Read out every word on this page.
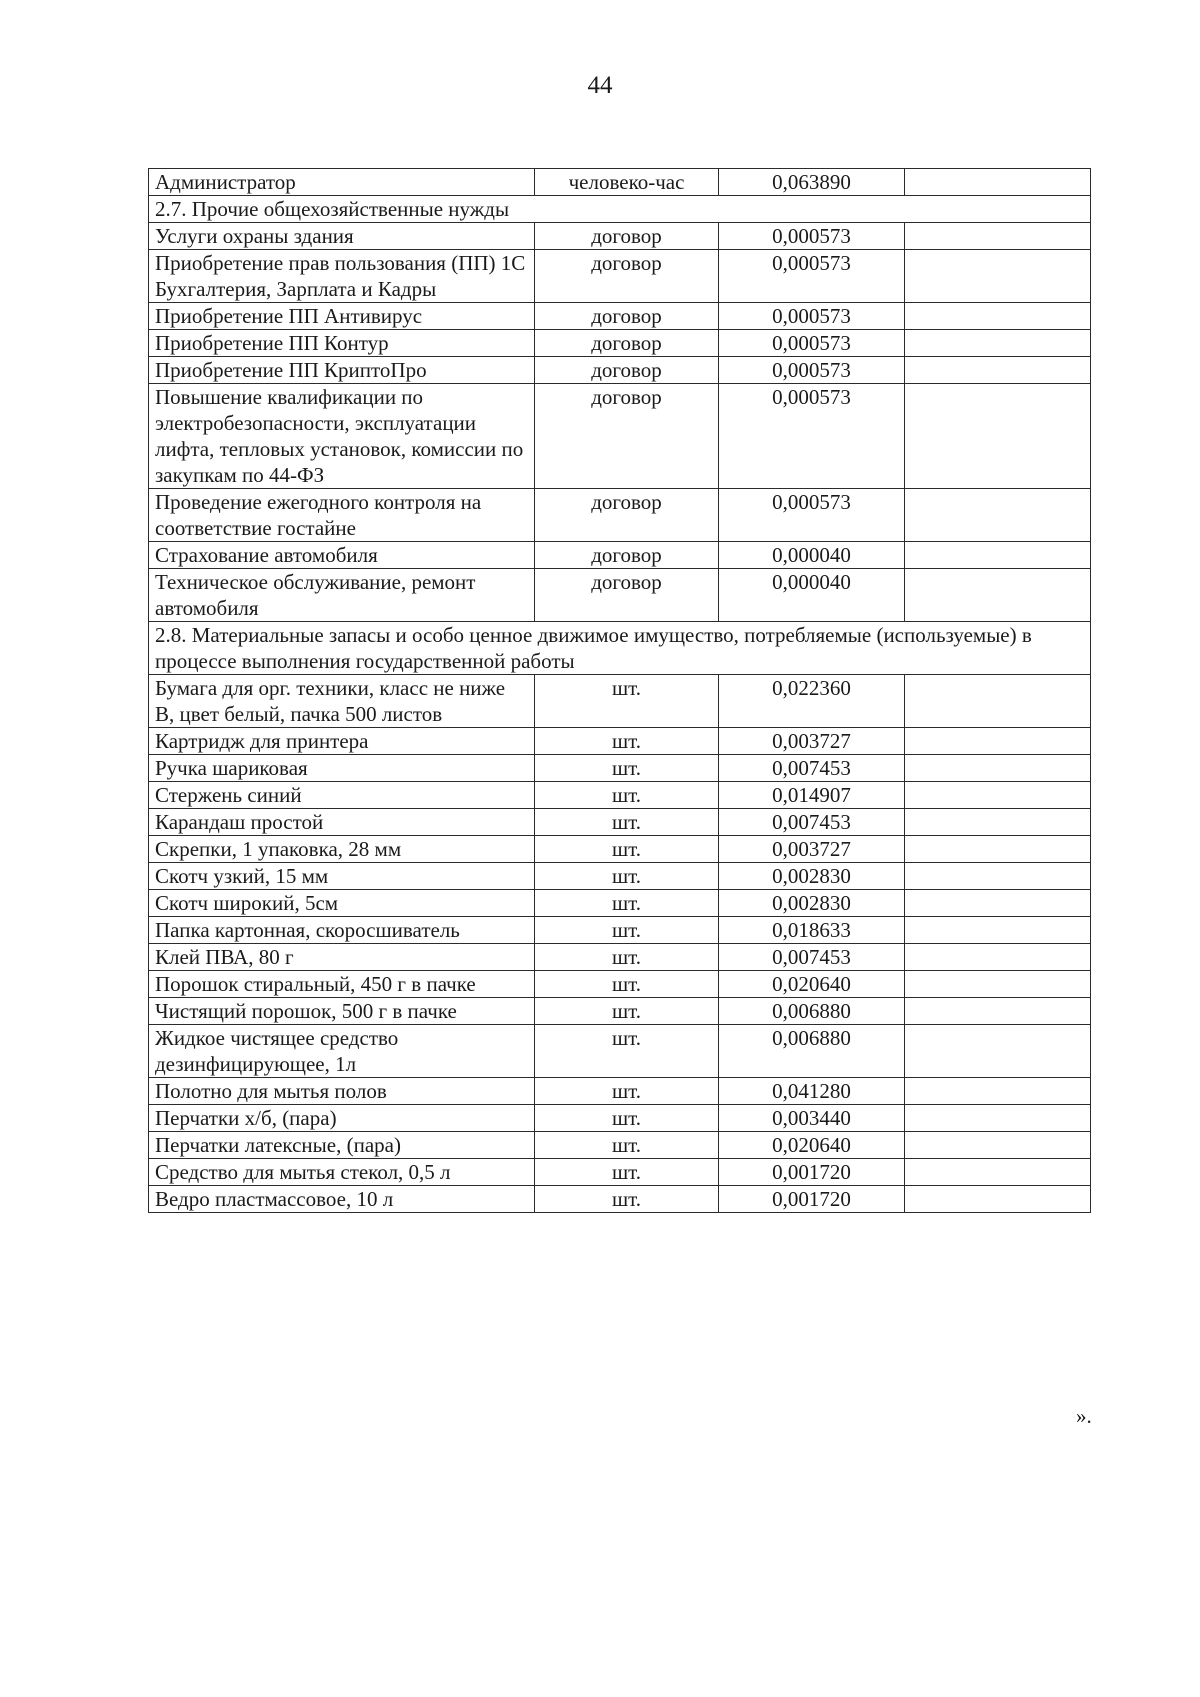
44
Администратор	человеко-час	0,063890	
2.7. Прочие общехозяйственные нужды			
Услуги охраны здания	договор	0,000573	
Приобретение прав пользования (ПП) 1С Бухгалтерия, Зарплата и Кадры	договор	0,000573	
Приобретение ПП Антивирус	договор	0,000573	
Приобретение ПП Контур	договор	0,000573	
Приобретение ПП КриптоПро	договор	0,000573	
Повышение квалификации по электробезопасности, эксплуатации лифта, тепловых установок, комиссии по закупкам по 44-ФЗ	договор	0,000573	
Проведение ежегодного контроля на соответствие гостайне	договор	0,000573	
Страхование автомобиля	договор	0,000040	
Техническое обслуживание, ремонт автомобиля	договор	0,000040	
2.8. Материальные запасы и особо ценное движимое имущество, потребляемые (используемые) в процессе выполнения государственной работы			
Бумага для орг. техники, класс не ниже В, цвет белый, пачка 500 листов	шт.	0,022360	
Картридж для принтера	шт.	0,003727	
Ручка шариковая	шт.	0,007453	
Стержень синий	шт.	0,014907	
Карандаш простой	шт.	0,007453	
Скрепки, 1 упаковка, 28 мм	шт.	0,003727	
Скотч узкий, 15 мм	шт.	0,002830	
Скотч широкий, 5см	шт.	0,002830	
Папка картонная, скоросшиватель	шт.	0,018633	
Клей ПВА, 80 г	шт.	0,007453	
Порошок стиральный, 450 г в пачке	шт.	0,020640	
Чистящий порошок, 500 г в пачке	шт.	0,006880	
Жидкое чистящее средство дезинфицирующее, 1л	шт.	0,006880	
Полотно для мытья полов	шт.	0,041280	
Перчатки х/б, (пара)	шт.	0,003440	
Перчатки латексные, (пара)	шт.	0,020640	
Средство для мытья стекол, 0,5 л	шт.	0,001720	
Ведро пластмассовое, 10 л	шт.	0,001720	
».
